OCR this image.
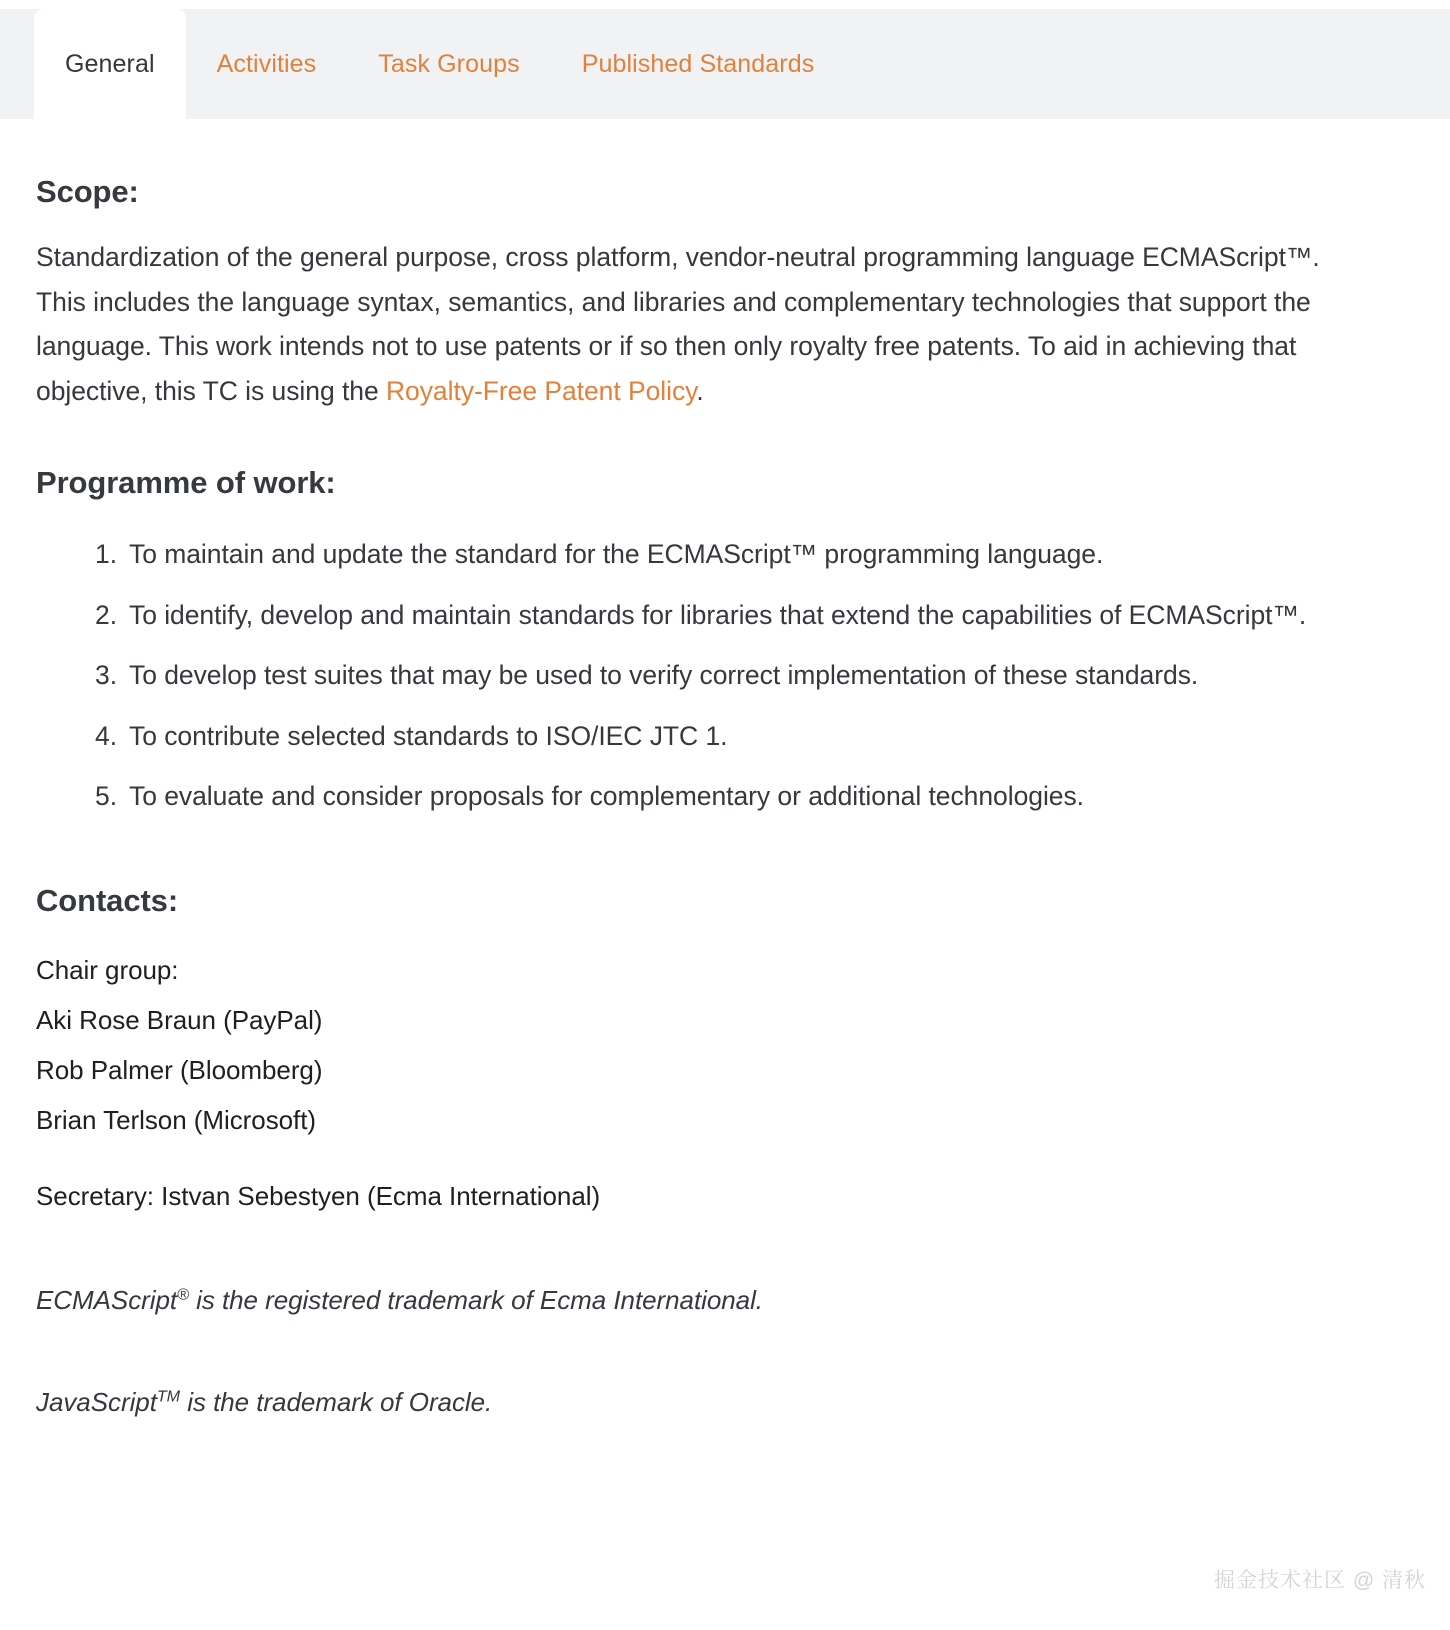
General Activities Task Groups Published Standards
Scope:

Standardization of the general purpose, cross platform, vendor-neutral programming language ECMAScript™. This includes the language syntax, semantics, and libraries and complementary technologies that support the language. This work intends not to use patents or if so then only royalty free patents. To aid in achieving that objective, this TC is using the Royalty-Free Patent Policy.

Programme of work:
To maintain and update the standard for the ECMAScript™ programming language.
To identify, develop and maintain standards for libraries that extend the capabilities of ECMAScript™.
To develop test suites that may be used to verify correct implementation of these standards.
To contribute selected standards to ISO/IEC JTC 1.
To evaluate and consider proposals for complementary or additional technologies.
Contacts:
Chair group:
Aki Rose Braun (PayPal)
Rob Palmer (Bloomberg)
Brian Terlson (Microsoft)
Secretary: Istvan Sebestyen (Ecma International)
ECMAScript® is the registered trademark of Ecma International.
JavaScript™ is the trademark of Oracle.
掘金技术社区 @ 清秋
